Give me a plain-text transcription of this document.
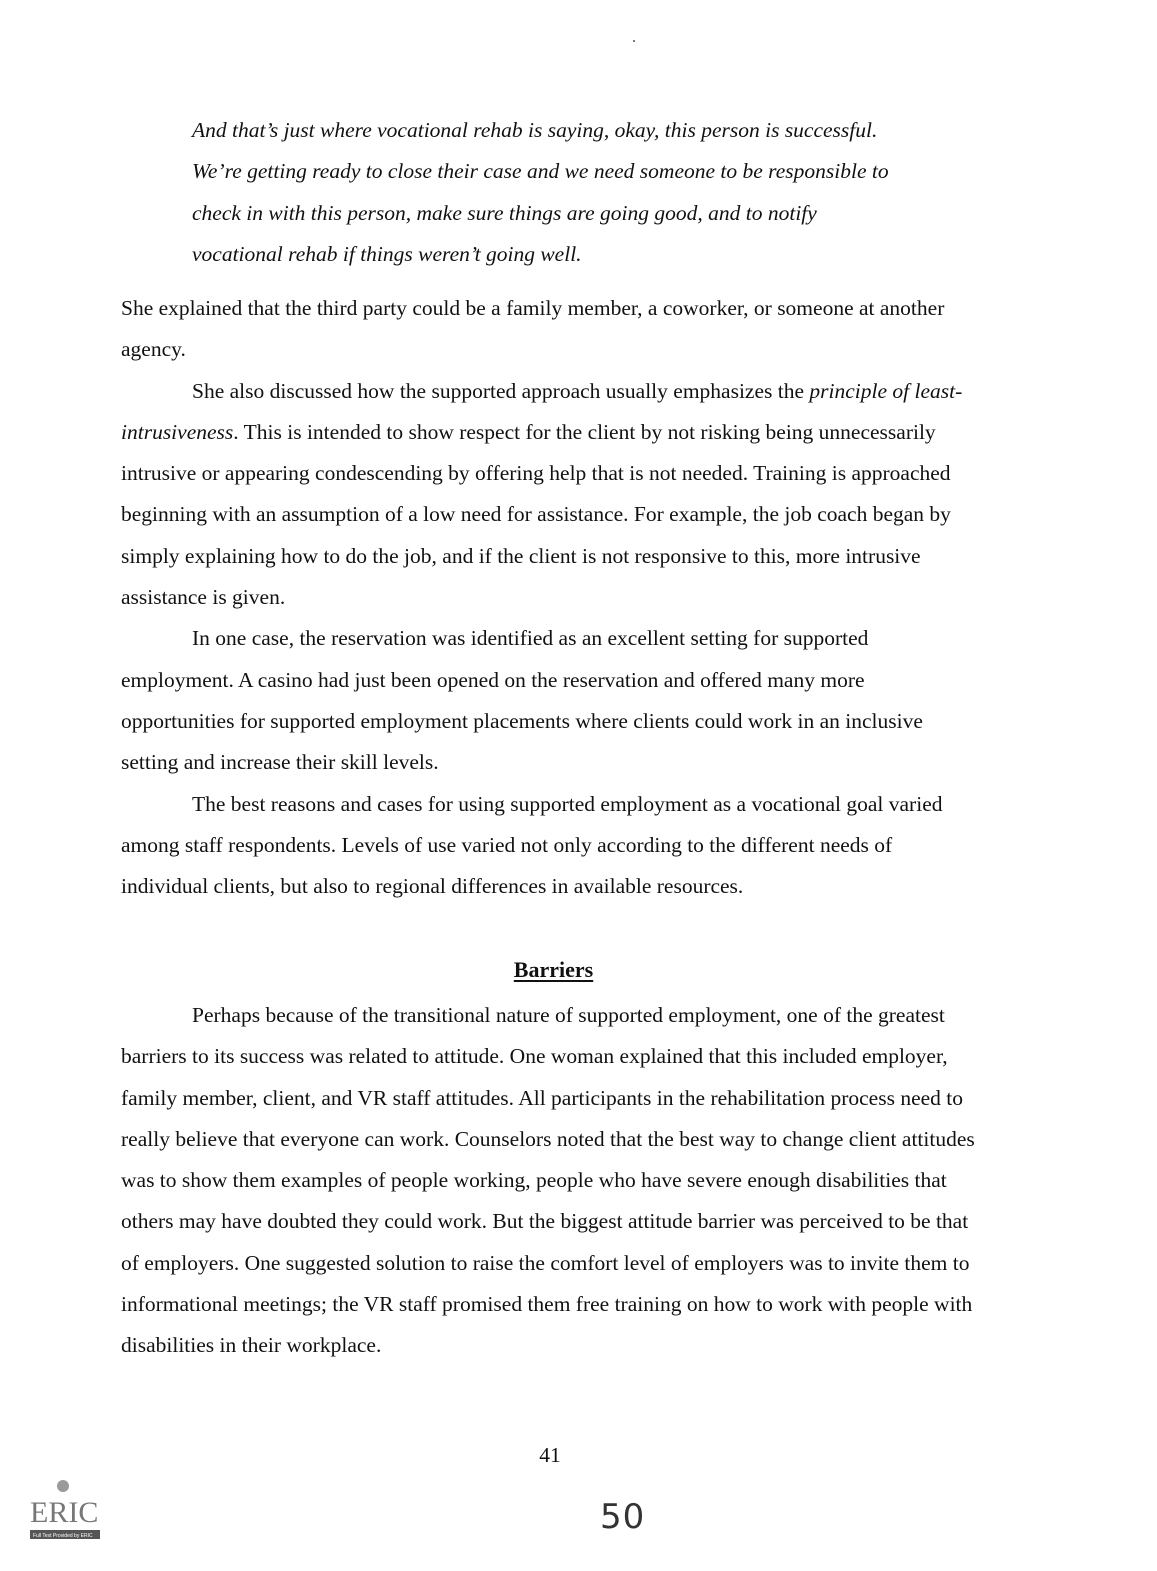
And that’s just where vocational rehab is saying, okay, this person is successful.
We’re getting ready to close their case and we need someone to be responsible to
check in with this person, make sure things are going good, and to notify
vocational rehab if things weren’t going well.

She explained that the third party could be a family member, a coworker, or someone at another agency.

She also discussed how the supported approach usually emphasizes the principle of least-intrusiveness. This is intended to show respect for the client by not risking being unnecessarily intrusive or appearing condescending by offering help that is not needed. Training is approached beginning with an assumption of a low need for assistance. For example, the job coach began by simply explaining how to do the job, and if the client is not responsive to this, more intrusive assistance is given.

In one case, the reservation was identified as an excellent setting for supported employment. A casino had just been opened on the reservation and offered many more opportunities for supported employment placements where clients could work in an inclusive setting and increase their skill levels.

The best reasons and cases for using supported employment as a vocational goal varied among staff respondents. Levels of use varied not only according to the different needs of individual clients, but also to regional differences in available resources.

Barriers

Perhaps because of the transitional nature of supported employment, one of the greatest barriers to its success was related to attitude. One woman explained that this included employer, family member, client, and VR staff attitudes. All participants in the rehabilitation process need to really believe that everyone can work. Counselors noted that the best way to change client attitudes was to show them examples of people working, people who have severe enough disabilities that others may have doubted they could work. But the biggest attitude barrier was perceived to be that of employers. One suggested solution to raise the comfort level of employers was to invite them to informational meetings; the VR staff promised them free training on how to work with people with disabilities in their workplace.

41
50
ERIC
Full Text Provided by ERIC
